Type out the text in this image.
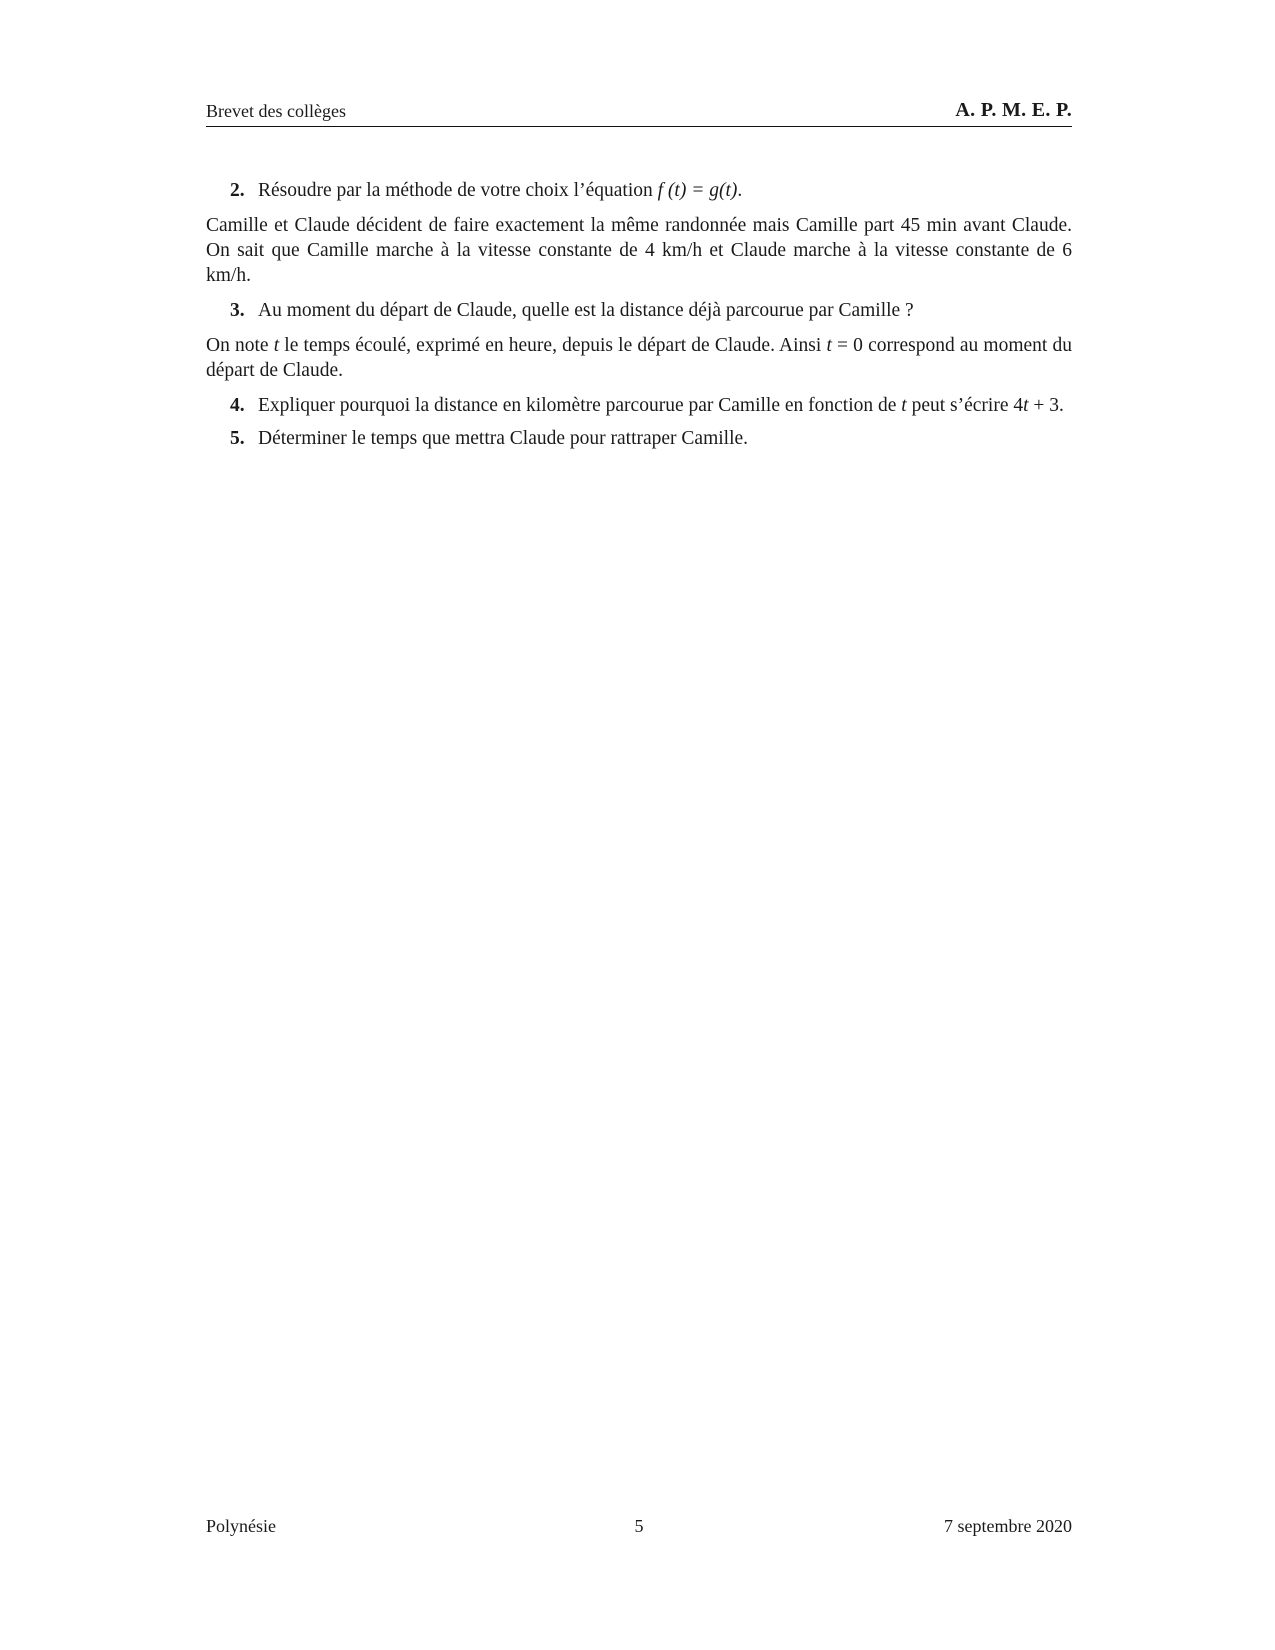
Brevet des collèges	A. P. M. E. P.

2. Résoudre par la méthode de votre choix l’équation f (t) = g(t).

Camille et Claude décident de faire exactement la même randonnée mais Camille part 45 min avant Claude. On sait que Camille marche à la vitesse constante de 4 km/h et Claude marche à la vitesse constante de 6 km/h.

3. Au moment du départ de Claude, quelle est la distance déjà parcourue par Camille ?

On note t le temps écoulé, exprimé en heure, depuis le départ de Claude. Ainsi t = 0 correspond au moment du départ de Claude.

4. Expliquer pourquoi la distance en kilomètre parcourue par Camille en fonction de t peut s’écrire 4t + 3.

5. Déterminer le temps que mettra Claude pour rattraper Camille.

Polynésie	5	7 septembre 2020
